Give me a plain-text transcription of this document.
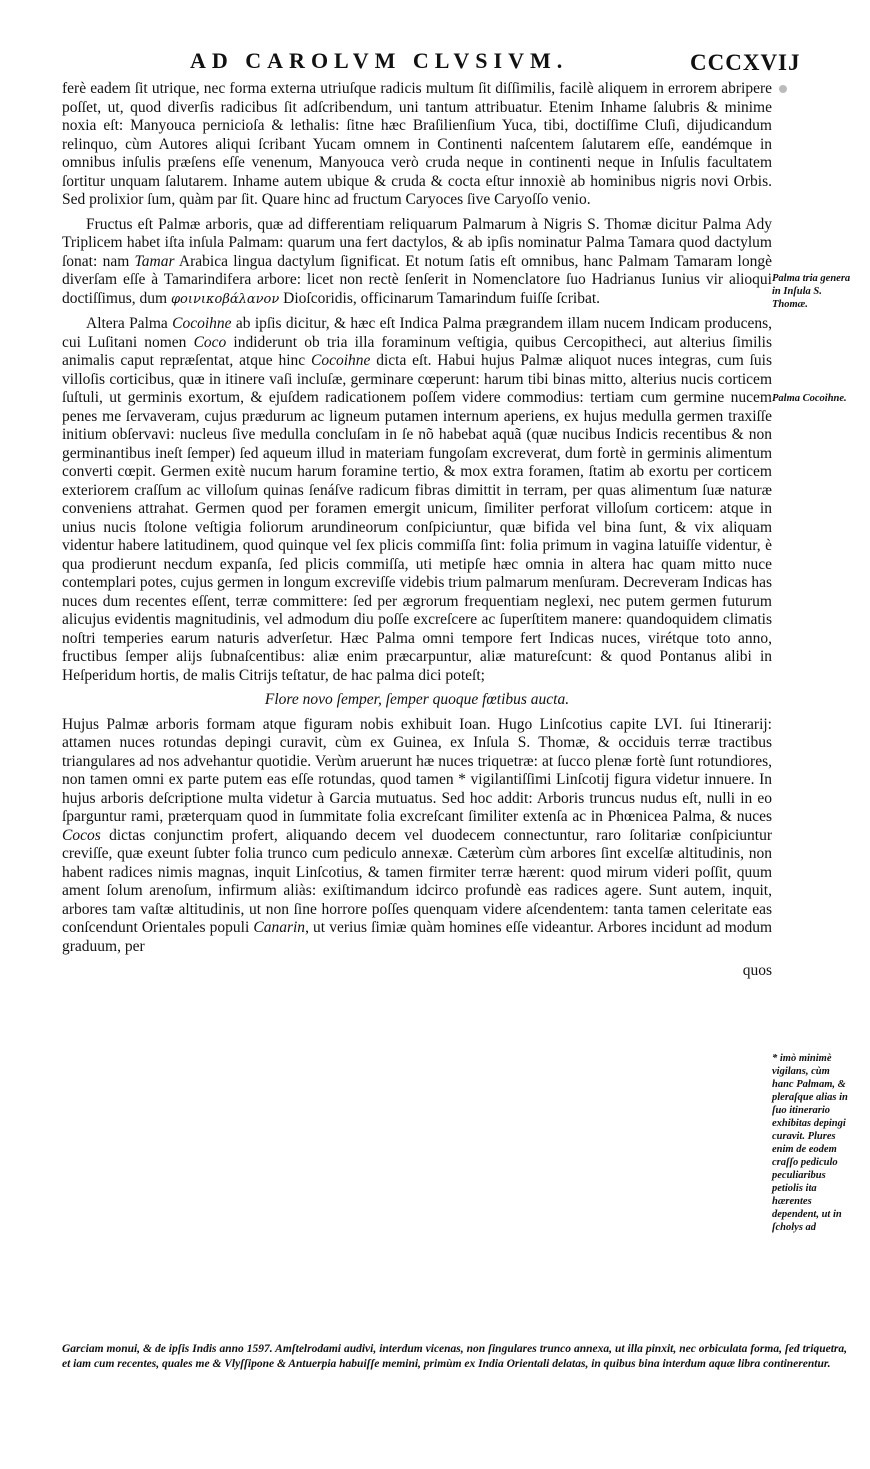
AD CAROLVM CLVSIVM.	CCCXVIJ

ferè eadem ſit utrique, nec forma externa utriuſque radicis multum ſit diſſimilis, facilè aliquem in errorem abripere poſſet, ut, quod diverſis radicibus ſit adſcribendum, uni tantum attribuatur. Etenim Inhame ſalubris & minime noxia eſt: Manyouca pernicioſa & lethalis: ſitne hæc Braſilienſium Yuca, tibi, doctiſſime Cluſi, dijudicandum relinquo, cùm Autores aliqui ſcribant Yucam omnem in Continenti naſcentem ſalutarem eſſe, eandémque in omnibus inſulis præſens eſſe venenum, Manyouca verò cruda neque in continenti neque in Inſulis facultatem ſortitur unquam ſalutarem. Inhame autem ubique & cruda & cocta eſtur innoxiè ab hominibus nigris novi Orbis. Sed prolixior ſum, quàm par ſit. Quare hinc ad fructum Caryoces ſive Caryoſſo venio.

Fructus eſt Palmæ arboris, quæ ad differentiam reliquarum Palmarum à Nigris S. Thomæ dicitur Palma Ady Triplicem habet iſta inſula Palmam: quarum una fert dactylos, & ab ipſis nominatur Palma Tamara quod dactylum ſonat: nam Tamar Arabica lingua dactylum ſignificat. Et notum ſatis eſt omnibus, hanc Palmam Tamaram longè diverſam eſſe à Tamarindifera arbore: licet non rectè ſenſerit in Nomenclatore ſuo Hadrianus Iunius vir alioqui doctiſſimus, dum φοινικοβάλανον Dioſcoridis, officinarum Tamarindum fuiſſe ſcribat.

Altera Palma Cocoihne ab ipſis dicitur, & hæc eſt Indica Palma prægrandem illam nucem Indicam producens, cui Luſitani nomen Coco indiderunt ob tria illa foraminum veſtigia, quibus Cercopithеci, aut alterius ſimilis animalis caput repræſentat, atque hinc Cocoihne dicta eſt. Habui hujus Palmæ aliquot nuces integras, cum ſuis villoſis corticibus, quæ in itinere vaſi incluſæ, germinare cœperunt: harum tibi binas mitto, alterius nucis corticem ſuſtuli, ut germinis exortum, & ejuſdem radicationem poſſem videre commodius: tertiam cum germine nucem penes me ſervaveram, cujus prædurum ac ligneum putamen internum aperiens, ex hujus medulla germen traxiſſe initium obſervavi: nucleus ſive medulla concluſam in ſe nõ habebat aquã (quæ nucibus Indicis recentibus & non germinantibus ineſt ſemper) ſed aqueum illud in materiam fungoſam excreverat, dum fortè in germinis alimentum converti cœpit. Germen exitè nucum harum foramine tertio, & mox extra foramen, ſtatim ab exortu per corticem exteriorem craſſum ac villoſum quinas ſenáſve radicum fibras dimittit in terram, per quas alimentum ſuæ naturæ conveniens attrahat. Germen quod per foramen emergit unicum, ſimiliter perforat villoſum corticem: atque in unius nucis ſtolone veſtigia foliorum arundineorum conſpiciuntur, quæ bifida vel bina ſunt, & vix aliquam videntur habere latitudinem, quod quinque vel ſex plicis commiſſa ſint: folia primum in vagina latuiſſe videntur, è qua prodierunt necdum expanſa, ſed plicis commiſſa, uti metipſe hæc omnia in altera hac quam mitto nuce contemplari potes, cujus germen in longum excreviſſe videbis trium palmarum menſuram. Decreveram Indicas has nuces dum recentes eſſent, terræ committere: ſed per ægrorum frequentiam neglexi, nec putem germen futurum alicujus evidentis magnitudinis, vel admodum diu poſſe excreſcere ac ſuperſtitem manere: quandoquidem climatis noſtri temperies earum naturis adverſetur. Hæc Palma omni tempore fert Indicas nuces, virétque toto anno, fructibus ſemper alijs ſubnaſcentibus: aliæ enim præcarpuntur, aliæ matureſcunt: & quod Pontanus alibi in Heſperidum hortis, de malis Citrijs teſtatur, de hac palma dici poteſt;

Flore novo ſemper, ſemper quoque fœtibus aucta.

Hujus Palmæ arboris formam atque figuram nobis exhibuit Ioan. Hugo Linſcotius capite LVI. ſui Itinerarij: attamen nuces rotundas depingi curavit, cùm ex Guinea, ex Inſula S. Thomæ, & occiduis terræ tractibus triangulares ad nos advehantur quotidie. Verùm aruerunt hæ nuces triquetræ: at ſucco plenæ fortè ſunt rotundiores, non tamen omni ex parte putem eas eſſe rotundas, quod tamen * vigilantiſſimi Linſcotij figura videtur innuere. In hujus arboris deſcriptione multa videtur à Garcia mutuatus. Sed hoc addit: Arboris truncus nudus eſt, nulli in eo ſparguntur rami, præterquam quod in ſummitate folia excreſcant ſimiliter extenſa ac in Phœnicea Palma, & nuces Cocos dictas conjunctim profert, aliquando decem vel duodecem connectuntur, raro ſolitariæ conſpiciuntur creviſſe, quæ exeunt ſubter folia trunco cum pediculo annexæ. Cæterùm cùm arbores ſint excelſæ altitudinis, non habent radices nimis magnas, inquit Linſcotius, & tamen firmiter terræ hærent: quod mirum videri poſſit, quum ament ſolum arenoſum, infirmum aliàs: exiſtimandum idcirco profundè eas radices agere. Sunt autem, inquit, arbores tam vaſtæ altitudinis, ut non ſine horrore poſſes quenquam videre aſcendentem: tanta tamen celeritate eas conſcendunt Orientales populi Canarin, ut verius ſimiæ quàm homines eſſe videantur. Arbores incidunt ad modum graduum, per

quos

Palma tria genera in Inſula S. Thomæ.
Palma Cocoihne.
* imò minimè vigilans, cùm hanc Palmam, & pleraſque alias in ſuo itinerario exhibitas depingi curavit. Plures enim de eodem craſſo pediculo peculiaribus petiolis ita hærentes dependent, ut in ſcholys ad
Garciam monui, & de ipſis Indis anno 1597. Amſtelrodami audivi, interdum vicenas, non ſingulares trunco annexa, ut illa pinxit, nec orbiculata forma, ſed triquetra, et iam cum recentes, quales me & Vlyſſipone & Antuerpia habuiſſe memini, primùm ex India Orientali delatas, in quibus bina interdum aquæ libra continerentur.
